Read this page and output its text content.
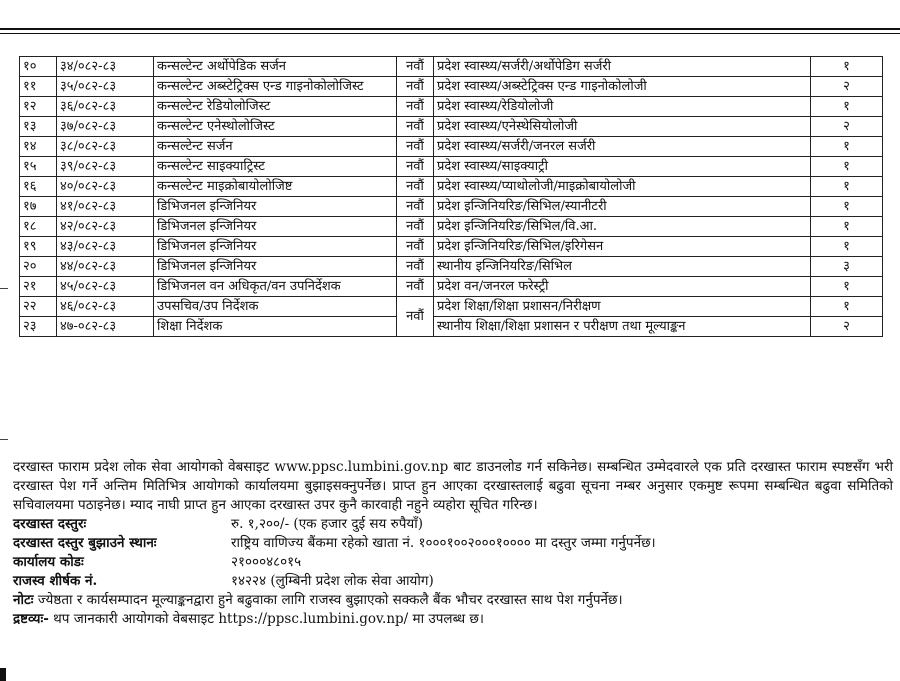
१०	३४/०८२-८३	कन्सल्टेन्ट अर्थोपेडिक सर्जन	नवौं	प्रदेश स्वास्थ्य/सर्जरी/अर्थोपेडिग सर्जरी	१
११	३५/०८२-८३	कन्सल्टेन्ट अब्स्टेट्रिक्स एन्ड गाइनोकोलोजिस्ट	नवौं	प्रदेश स्वास्थ्य/अब्स्टेट्रिक्स एन्ड गाइनोकोलोजी	२
१२	३६/०८२-८३	कन्सल्टेन्ट रेडियोलोजिस्ट	नवौं	प्रदेश स्वास्थ्य/रेडियोलोजी	१
१३	३७/०८२-८३	कन्सल्टेन्ट एनेस्थोलोजिस्ट	नवौं	प्रदेश स्वास्थ्य/एनेस्थेसियोलोजी	२
१४	३८/०८२-८३	कन्सल्टेन्ट सर्जन	नवौं	प्रदेश स्वास्थ्य/सर्जरी/जनरल सर्जरी	१
१५	३९/०८२-८३	कन्सल्टेन्ट साइक्याट्रिस्ट	नवौं	प्रदेश स्वास्थ्य/साइक्याट्री	१
१६	४०/०८२-८३	कन्सल्टेन्ट माइक्रोबायोलोजिष्ट	नवौं	प्रदेश स्वास्थ्य/प्याथोलोजी/माइक्रोबायोलोजी	१
१७	४१/०८२-८३	डिभिजनल इन्जिनियर	नवौं	प्रदेश इन्जिनियरिङ/सिभिल/स्यानीटरी	१
१८	४२/०८२-८३	डिभिजनल इन्जिनियर	नवौं	प्रदेश इन्जिनियरिङ/सिभिल/वि.आ.	१
१९	४३/०८२-८३	डिभिजनल इन्जिनियर	नवौं	प्रदेश इन्जिनियरिङ/सिभिल/इरिगेसन	१
२०	४४/०८२-८३	डिभिजनल इन्जिनियर	नवौं	स्थानीय इन्जिनियरिङ/सिभिल	३
२१	४५/०८२-८३	डिभिजनल वन अधिकृत/वन उपनिर्देशक	नवौं	प्रदेश वन/जनरल फरेस्ट्री	१
२२	४६/०८२-८३	उपसचिव/उप निर्देशक	नवौं	प्रदेश शिक्षा/शिक्षा प्रशासन/निरीक्षण	१
२३	४७-०८२-८३	शिक्षा निर्देशक		स्थानीय शिक्षा/शिक्षा प्रशासन र परीक्षण तथा मूल्याङ्कन	२
दरखास्त फाराम प्रदेश लोक सेवा आयोगको वेबसाइट www.ppsc.lumbini.gov.np बाट डाउनलोड गर्न सकिनेछ। सम्बन्धित उम्मेदवारले एक प्रति दरखास्त फाराम स्पष्टसँग भरी दरखास्त पेश गर्ने अन्तिम मितिभित्र आयोगको कार्यालयमा बुझाइसक्नुपर्नेछ। प्राप्त हुन आएका दरखास्तलाई बढुवा सूचना नम्बर अनुसार एकमुष्ट रूपमा सम्बन्धित बढुवा समितिको सचिवालयमा पठाइनेछ। म्याद नाघी प्राप्त हुन आएका दरखास्त उपर कुनै कारवाही नहुने व्यहोरा सूचित गरिन्छ।
दरखास्त दस्तुरः	रु. १,२००/- (एक हजार दुई सय रुपैयाँ)
दरखास्त दस्तुर बुझाउने स्थानः	राष्ट्रिय वाणिज्य बैंकमा रहेको खाता नं. १०००१००२०००१०००० मा दस्तुर जम्मा गर्नुपर्नेछ।
कार्यालय कोडः	२१०००४८०१५
राजस्व शीर्षक नं.	१४२२४ (लुम्बिनी प्रदेश लोक सेवा आयोग)
नोटः ज्येष्ठता र कार्यसम्पादन मूल्याङ्कनद्वारा हुने बढुवाका लागि राजस्व बुझाएको सक्कलै बैंक भौचर दरखास्त साथ पेश गर्नुपर्नेछ।
द्रष्टव्यः- थप जानकारी आयोगको वेबसाइट https://ppsc.lumbini.gov.np/ मा उपलब्ध छ।
